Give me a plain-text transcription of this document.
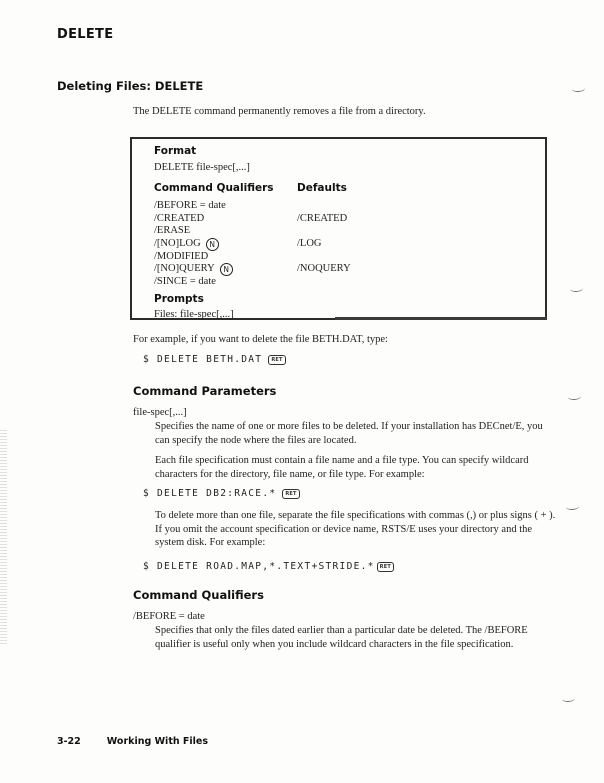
DELETE
Deleting Files: DELETE
The DELETE command permanently removes a file from a directory.
Format
DELETE file-spec[,...]
Command Qualifiers	Defaults
/BEFORE = date
/CREATED	/CREATED
/ERASE
/[NO]LOG N	/LOG
/MODIFIED
/[NO]QUERY N	/NOQUERY
/SINCE = date
Prompts
Files: file-spec[,...]
For example, if you want to delete the file BETH.DAT, type:
$ DELETE BETH.DAT RET
Command Parameters
file-spec[,...]
Specifies the name of one or more files to be deleted. If your installation has DECnet/E, you can specify the node where the files are located.
Each file specification must contain a file name and a file type. You can specify wildcard characters for the directory, file name, or file type. For example:
$ DELETE DB2:RACE.* RET
To delete more than one file, separate the file specifications with commas (,) or plus signs ( + ). If you omit the account specification or device name, RSTS/E uses your directory and the system disk. For example:
$ DELETE ROAD.MAP,*.TEXT+STRIDE.* RET
Command Qualifiers
/BEFORE = date
Specifies that only the files dated earlier than a particular date be deleted. The /BEFORE qualifier is useful only when you include wildcard characters in the file specification.
3-22	Working With Files
